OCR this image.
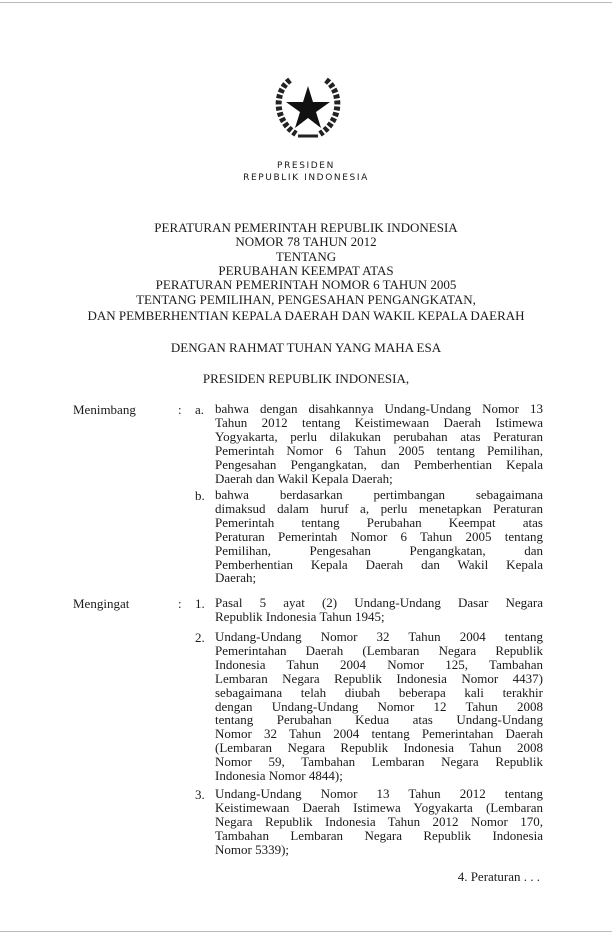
PRESIDEN
REPUBLIK INDONESIA
PERATURAN PEMERINTAH REPUBLIK INDONESIA
NOMOR 78 TAHUN 2012
TENTANG
PERUBAHAN KEEMPAT ATAS
PERATURAN PEMERINTAH NOMOR 6 TAHUN 2005
TENTANG PEMILIHAN, PENGESAHAN PENGANGKATAN,
DAN PEMBERHENTIAN KEPALA DAERAH DAN WAKIL KEPALA DAERAH
DENGAN RAHMAT TUHAN YANG MAHA ESA
PRESIDEN REPUBLIK INDONESIA,
Menimbang	:
Mengingat	:
a. bahwa dengan disahkannya Undang-Undang Nomor 13
Tahun 2012 tentang Keistimewaan Daerah Istimewa
Yogyakarta, perlu dilakukan perubahan atas Peraturan
Pemerintah Nomor 6 Tahun 2005 tentang Pemilihan,
Pengesahan Pengangkatan, dan Pemberhentian Kepala
Daerah dan Wakil Kepala Daerah;
b. bahwa berdasarkan pertimbangan sebagaimana
dimaksud dalam huruf a, perlu menetapkan Peraturan
Pemerintah tentang Perubahan Keempat atas
Peraturan Pemerintah Nomor 6 Tahun 2005 tentang
Pemilihan, Pengesahan Pengangkatan, dan
Pemberhentian Kepala Daerah dan Wakil Kepala
Daerah;
1. Pasal 5 ayat (2) Undang-Undang Dasar Negara
Republik Indonesia Tahun 1945;
2. Undang-Undang Nomor 32 Tahun 2004 tentang
Pemerintahan Daerah (Lembaran Negara Republik
Indonesia Tahun 2004 Nomor 125, Tambahan
Lembaran Negara Republik Indonesia Nomor 4437)
sebagaimana telah diubah beberapa kali terakhir
dengan Undang-Undang Nomor 12 Tahun 2008
tentang Perubahan Kedua atas Undang-Undang
Nomor 32 Tahun 2004 tentang Pemerintahan Daerah
(Lembaran Negara Republik Indonesia Tahun 2008
Nomor 59, Tambahan Lembaran Negara Republik
Indonesia Nomor 4844);
3. Undang-Undang Nomor 13 Tahun 2012 tentang
Keistimewaan Daerah Istimewa Yogyakarta (Lembaran
Negara Republik Indonesia Tahun 2012 Nomor 170,
Tambahan Lembaran Negara Republik Indonesia
Nomor 5339);
4. Peraturan . . .
